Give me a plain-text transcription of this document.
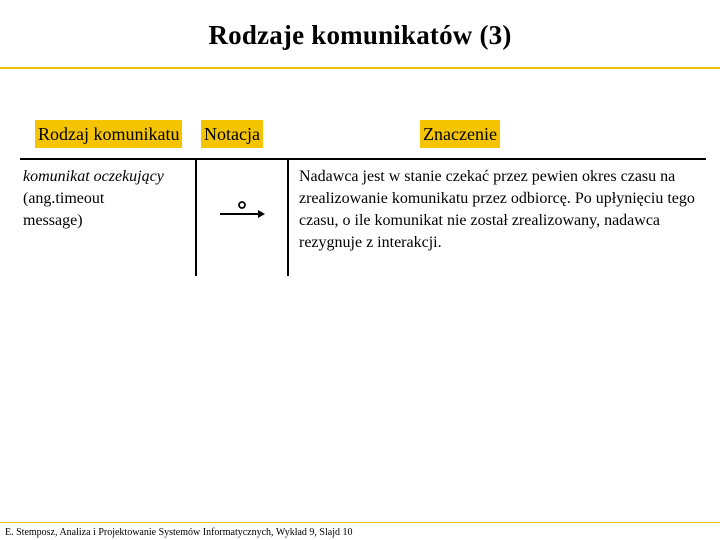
Rodzaje komunikatów (3)
Rodzaj komunikatu Notacja	Znaczenie
komunikat oczekujący
(ang.timeout
message)
Nadawca jest w stanie czekać przez pewien okres czasu na zrealizowanie komunikatu przez odbiorcę. Po upłynięciu tego czasu, o ile komunikat nie został zrealizowany, nadawca rezygnuje z interakcji.
E. Stemposz, Analiza i Projektowanie Systemów Informatycznych, Wykład 9, Slajd 10
